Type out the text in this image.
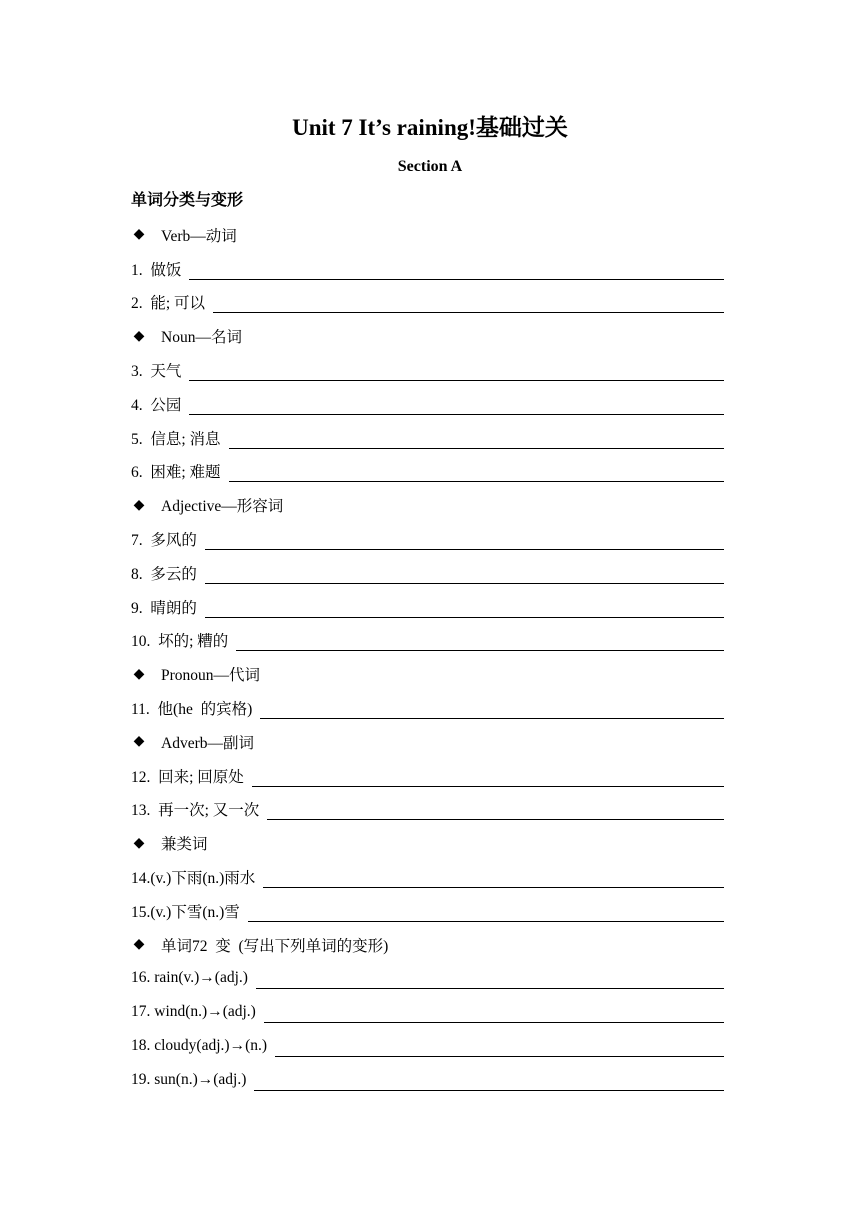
Unit 7 It’s raining!基础过关
Section A
单词分类与变形
◆ Verb—动词
1.  做饭
2.  能; 可以
◆ Noun—名词
3.  天气
4.  公园
5.  信息; 消息
6.  困难; 难题
◆ Adjective—形容词
7.  多风的
8.  多云的
9.  晴朗的
10.  坏的; 糟的
◆ Pronoun—代词
11.  他(he  的宾格)
◆ Adverb—副词
12.  回来; 回原处
13.  再一次; 又一次
◆ 兼类词
14.(v.)下雨(n.)雨水
15.(v.)下雪(n.)雪
◆ 单词72  变  (写出下列单词的变形)
16. rain(v.)→(adj.)
17. wind(n.)→(adj.)
18. cloudy(adj.)→(n.)
19. sun(n.)→(adj.)
